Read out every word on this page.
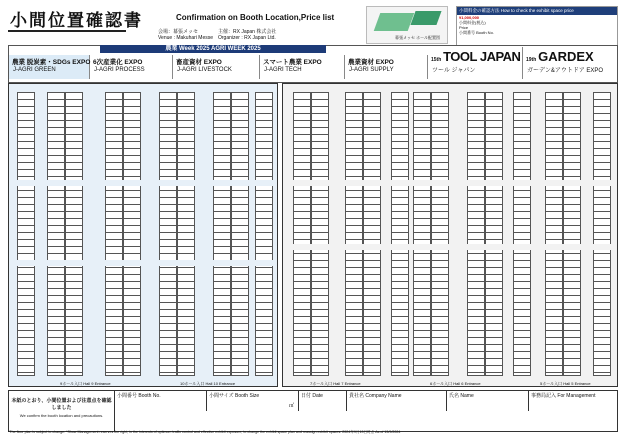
小間位置確認書	Confirmation on Booth Location,Price list
会場：幕張メッセ
Venue : Makuhari Messe
主催：RX Japan 株式会社
Organizer : RX Japan Ltd.	幕張メッセ ホール配置図
小間料金の確認方法 How to check the exhibit space price
¥1,000,000
小間料金(税込)
Price
小間番号 Booth No.
農業 Week 2025 AGRI WEEK 2025
農業 脱炭素・SDGs EXPO
J-AGRI GREEN
6次産業化 EXPO
J-AGRI PROCESS
畜産資材 EXPO
J-AGRI LIVESTOCK
スマート農業 EXPO
J-AGRI TECH
農業資材 EXPO
J-AGRI SUPPLY
15th TOOL JAPAN
ツール ジャパン
19th GARDEX
ガーデン&アウトドア EXPO
9ホール入口 Hall 9 Entrance	10ホール入口 Hall 10 Entrance	7ホール入口 Hall 7 Entrance	6ホール入口 Hall 6 Entrance	5ホール入口 Hall 5 Entrance
本紙のとおり、小間位置および注意点を確認しました
We confirm the booth location and precautions.
小間番号 Booth No.	小間サイズ Booth Size
㎡
日付 Date	貴社名 Company Name	氏名 Name	事務局記入 For Management
*The floor plan is subject to change. *Show Management reserves the right, in the interests of optimum traffic control and effective exhibit exposure, to change the exhibit space plan and reassign exhibit spaces. 2024年9月13日時点 As of 13/9/2024
